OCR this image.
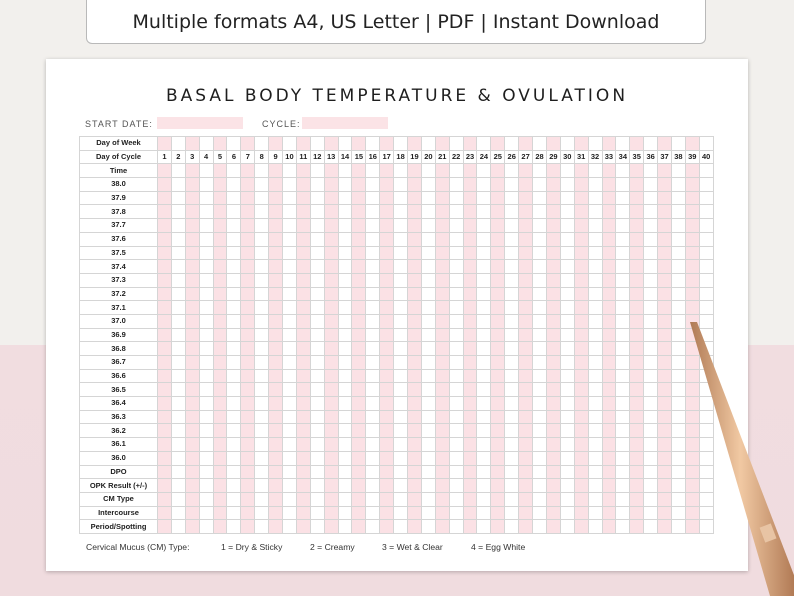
Multiple formats A4, US Letter | PDF | Instant Download
BASAL BODY TEMPERATURE & OVULATION
START DATE:	CYCLE:
Day of Week																																								
Day of Cycle	1	2	3	4	5	6	7	8	9	10	11	12	13	14	15	16	17	18	19	20	21	22	23	24	25	26	27	28	29	30	31	32	33	34	35	36	37	38	39	40
Time																																								
38.0																																								
37.9																																								
37.8																																								
37.7																																								
37.6																																								
37.5																																								
37.4																																								
37.3																																								
37.2																																								
37.1																																								
37.0																																								
36.9																																								
36.8																																								
36.7																																								
36.6																																								
36.5																																								
36.4																																								
36.3																																								
36.2																																								
36.1																																								
36.0																																								
DPO																																								
OPK Result (+/-)																																								
CM Type																																								
Intercourse																																								
Period/Spotting																																								
Cervical Mucus (CM) Type:	1 = Dry & Sticky	2 = Creamy	3 = Wet & Clear	4 = Egg White
